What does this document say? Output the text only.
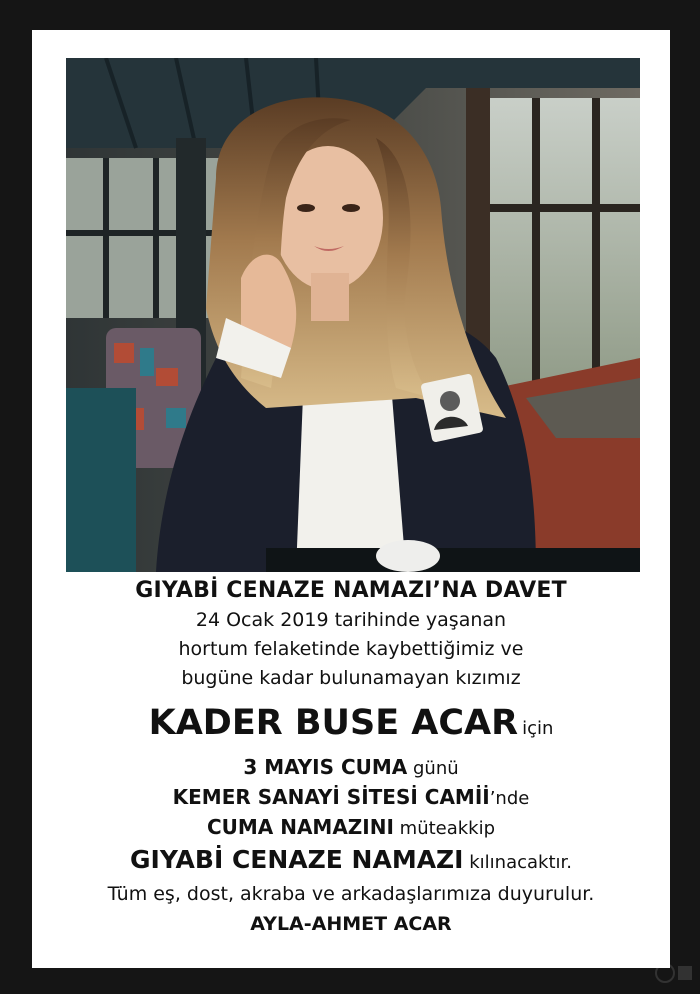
GIYABİ CENAZE NAMAZI’NA DAVET
24 Ocak 2019 tarihinde yaşanan
hortum felaketinde kaybettiğimiz ve
bugüne kadar bulunamayan kızımız
KADER BUSE ACAR için
3 MAYIS CUMA günü
KEMER SANAYİ SİTESİ CAMİİ’nde
CUMA NAMAZINI müteakkip
GIYABİ CENAZE NAMAZI kılınacaktır.
Tüm eş, dost, akraba ve arkadaşlarımıza duyurulur.
AYLA-AHMET ACAR
